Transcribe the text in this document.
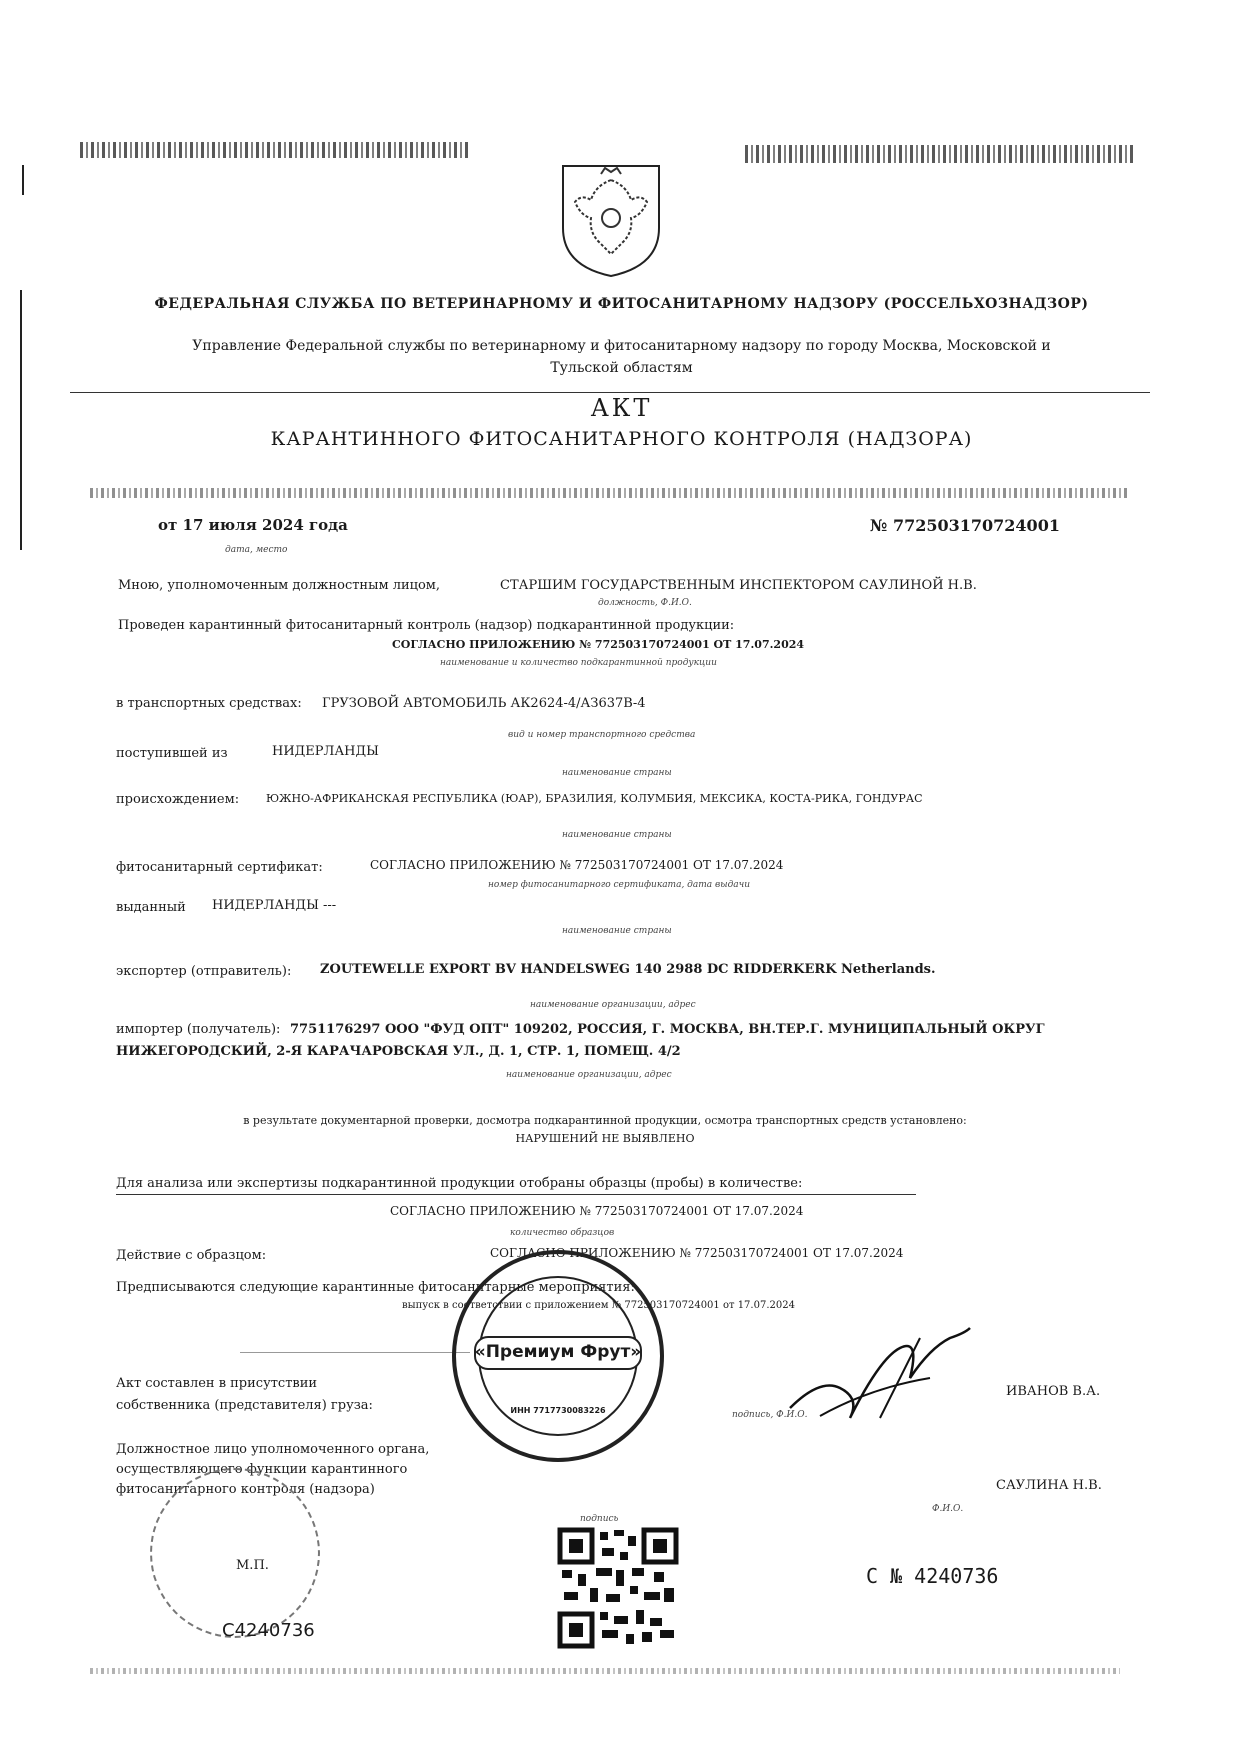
ФЕДЕРАЛЬНАЯ СЛУЖБА ПО ВЕТЕРИНАРНОМУ И ФИТОСАНИТАРНОМУ НАДЗОРУ (РОССЕЛЬХОЗНАДЗОР)
Управление Федеральной службы по ветеринарному и фитосанитарному надзору по городу Москва, Московской и
Тульской областям
АКТ
КАРАНТИННОГО ФИТОСАНИТАРНОГО КОНТРОЛЯ (НАДЗОРА)
от 17 июля 2024 года
дата, место
№ 772503170724001
Мною, уполномоченным должностным лицом,	СТАРШИМ ГОСУДАРСТВЕННЫМ ИНСПЕКТОРОМ САУЛИНОЙ Н.В.
должность, Ф.И.О.
Проведен карантинный фитосанитарный контроль (надзор) подкарантинной продукции:
СОГЛАСНО ПРИЛОЖЕНИЮ № 772503170724001 ОТ 17.07.2024
наименование и количество подкарантинной продукции
в транспортных средствах: ГРУЗОВОЙ АВТОМОБИЛЬ АК2624-4/АЗ637В-4
вид и номер транспортного средства
поступившей из	НИДЕРЛАНДЫ
наименование страны
происхождением: ЮЖНО-АФРИКАНСКАЯ РЕСПУБЛИКА (ЮАР), БРАЗИЛИЯ, КОЛУМБИЯ, МЕКСИКА, КОСТА-РИКА, ГОНДУРАС
наименование страны
фитосанитарный сертификат:	СОГЛАСНО ПРИЛОЖЕНИЮ № 772503170724001 ОТ 17.07.2024
номер фитосанитарного сертификата, дата выдачи
выданный НИДЕРЛАНДЫ ---
наименование страны
экспортер (отправитель): ZOUTEWELLE EXPORT BV HANDELSWEG 140 2988 DC RIDDERKERK Netherlands.
наименование организации, адрес
импортер (получатель): 7751176297 ООО "ФУД ОПТ" 109202, РОССИЯ, Г. МОСКВА, ВН.ТЕР.Г. МУНИЦИПАЛЬНЫЙ ОКРУГ
НИЖЕГОРОДСКИЙ, 2-Я КАРАЧАРОВСКАЯ УЛ., Д. 1, СТР. 1, ПОМЕЩ. 4/2
наименование организации, адрес
в результате документарной проверки, досмотра подкарантинной продукции, осмотра транспортных средств установлено:
НАРУШЕНИЙ НЕ ВЫЯВЛЕНО
Для анализа или экспертизы подкарантинной продукции отобраны образцы (пробы) в количестве:
СОГЛАСНО ПРИЛОЖЕНИЮ № 772503170724001 ОТ 17.07.2024
количество образцов
Действие с образцом:	СОГЛАСНО ПРИЛОЖЕНИЮ № 772503170724001 ОТ 17.07.2024
Предписываются следующие карантинные фитосанитарные мероприятия:
выпуск в соответствии с приложением № 772503170724001 от 17.07.2024
Акт составлен в присутствии
собственника (представителя) груза:
ИВАНОВ В.А.
подпись, Ф.И.О.
Должностное лицо уполномоченного органа,
осуществляющего функции карантинного
фитосанитарного контроля (надзора)	САУЛИНА Н.В.
Ф.И.О.
подпись
«Премиум Фрут»
ИНН 7717730083226
М.П.
С4240736
С № 4240736
